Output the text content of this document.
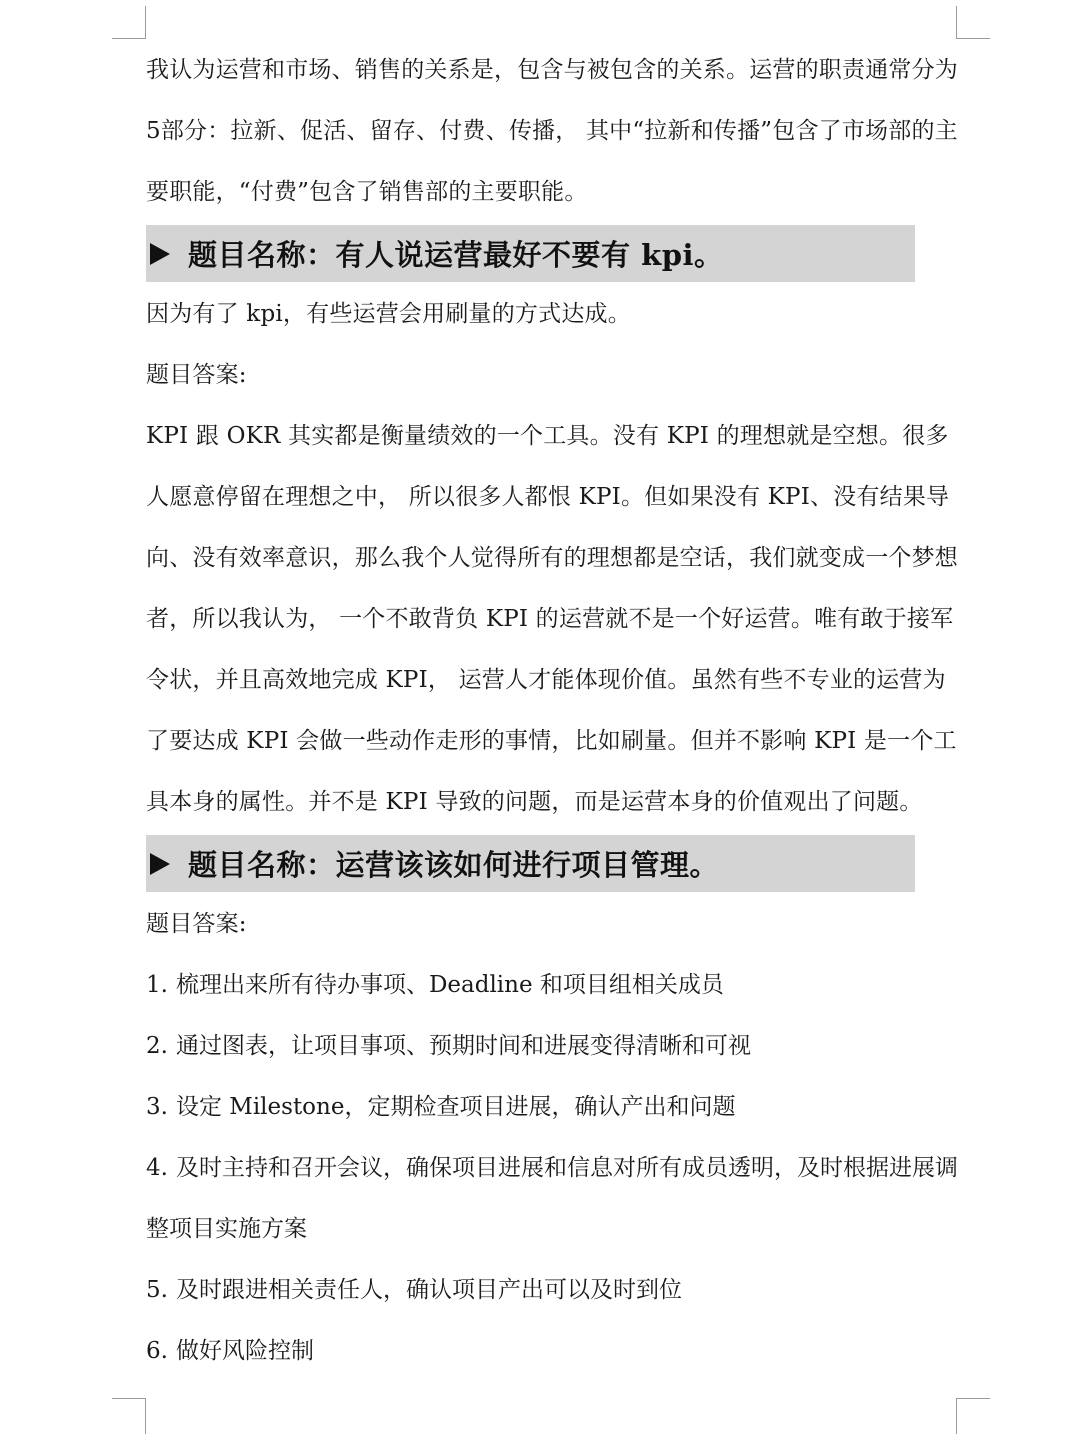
我认为运营和市场、销售的关系是，包含与被包含的关系。运营的职责通常分为5部分：拉新、促活、留存、付费、传播， 其中“拉新和传播”包含了市场部的主要职能，“付费”包含了销售部的主要职能。

题目名称：有人说运营最好不要有 kpi。

因为有了 kpi，有些运营会用刷量的方式达成。

题目答案:

KPI 跟 OKR 其实都是衡量绩效的一个工具。没有 KPI 的理想就是空想。很多人愿意停留在理想之中， 所以很多人都恨 KPI。但如果没有 KPI、没有结果导向、没有效率意识，那么我个人觉得所有的理想都是空话，我们就变成一个梦想者，所以我认为， 一个不敢背负 KPI 的运营就不是一个好运营。唯有敢于接军令状，并且高效地完成 KPI， 运营人才能体现价值。虽然有些不专业的运营为了要达成 KPI 会做一些动作走形的事情，比如刷量。但并不影响 KPI 是一个工具本身的属性。并不是 KPI 导致的问题，而是运营本身的价值观出了问题。

题目名称：运营该该如何进行项目管理。

题目答案:

1. 梳理出来所有待办事项、Deadline 和项目组相关成员

2. 通过图表，让项目事项、预期时间和进展变得清晰和可视

3. 设定 Milestone，定期检查项目进展，确认产出和问题

4. 及时主持和召开会议，确保项目进展和信息对所有成员透明，及时根据进展调整项目实施方案

5. 及时跟进相关责任人，确认项目产出可以及时到位

6. 做好风险控制
